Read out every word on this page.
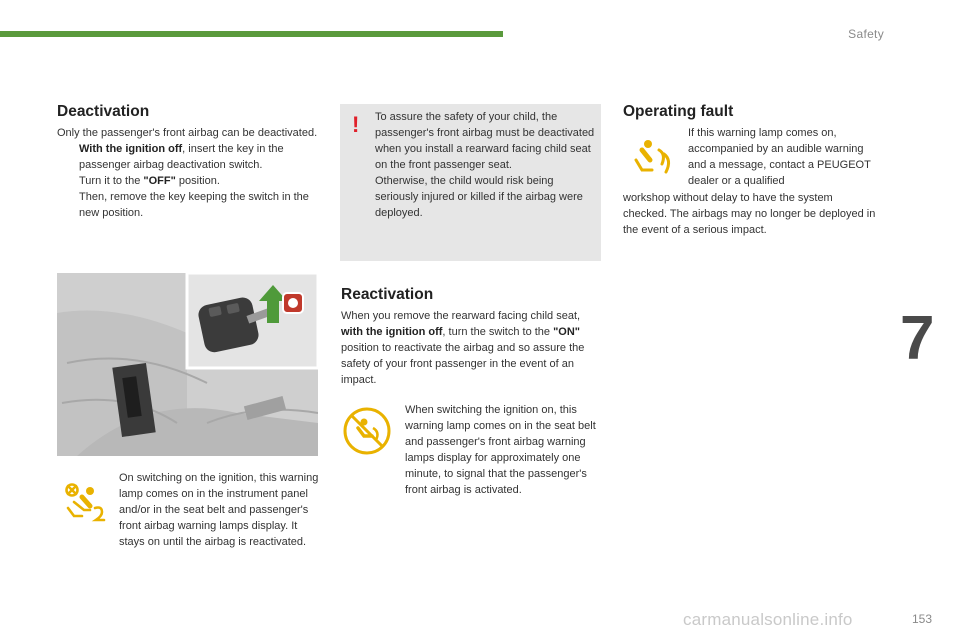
Safety
7
Deactivation

Only the passenger's front airbag can be deactivated.

With the ignition off, insert the key in the passenger airbag deactivation switch.

Turn it to the "OFF" position.

Then, remove the key keeping the switch in the new position.

On switching on the ignition, this warning lamp comes on in the instrument panel and/or in the seat belt and passenger's front airbag warning lamps display. It stays on until the airbag is reactivated.
! To assure the safety of your child, the passenger's front airbag must be deactivated when you install a rearward facing child seat on the front passenger seat.

Otherwise, the child would risk being seriously injured or killed if the airbag were deployed.

Reactivation
When you remove the rearward facing child seat, with the ignition off, turn the switch to the "ON" position to reactivate the airbag and so assure the safety of your front passenger in the event of an impact.
When switching the ignition on, this warning lamp comes on in the seat belt and passenger's front airbag warning lamps display for approximately one minute, to signal that the passenger's front airbag is activated.
Operating fault
If this warning lamp comes on, accompanied by an audible warning and a message, contact a PEUGEOT dealer or a qualified
workshop without delay to have the system checked. The airbags may no longer be deployed in the event of a serious impact.
carmanualsonline.info	153
